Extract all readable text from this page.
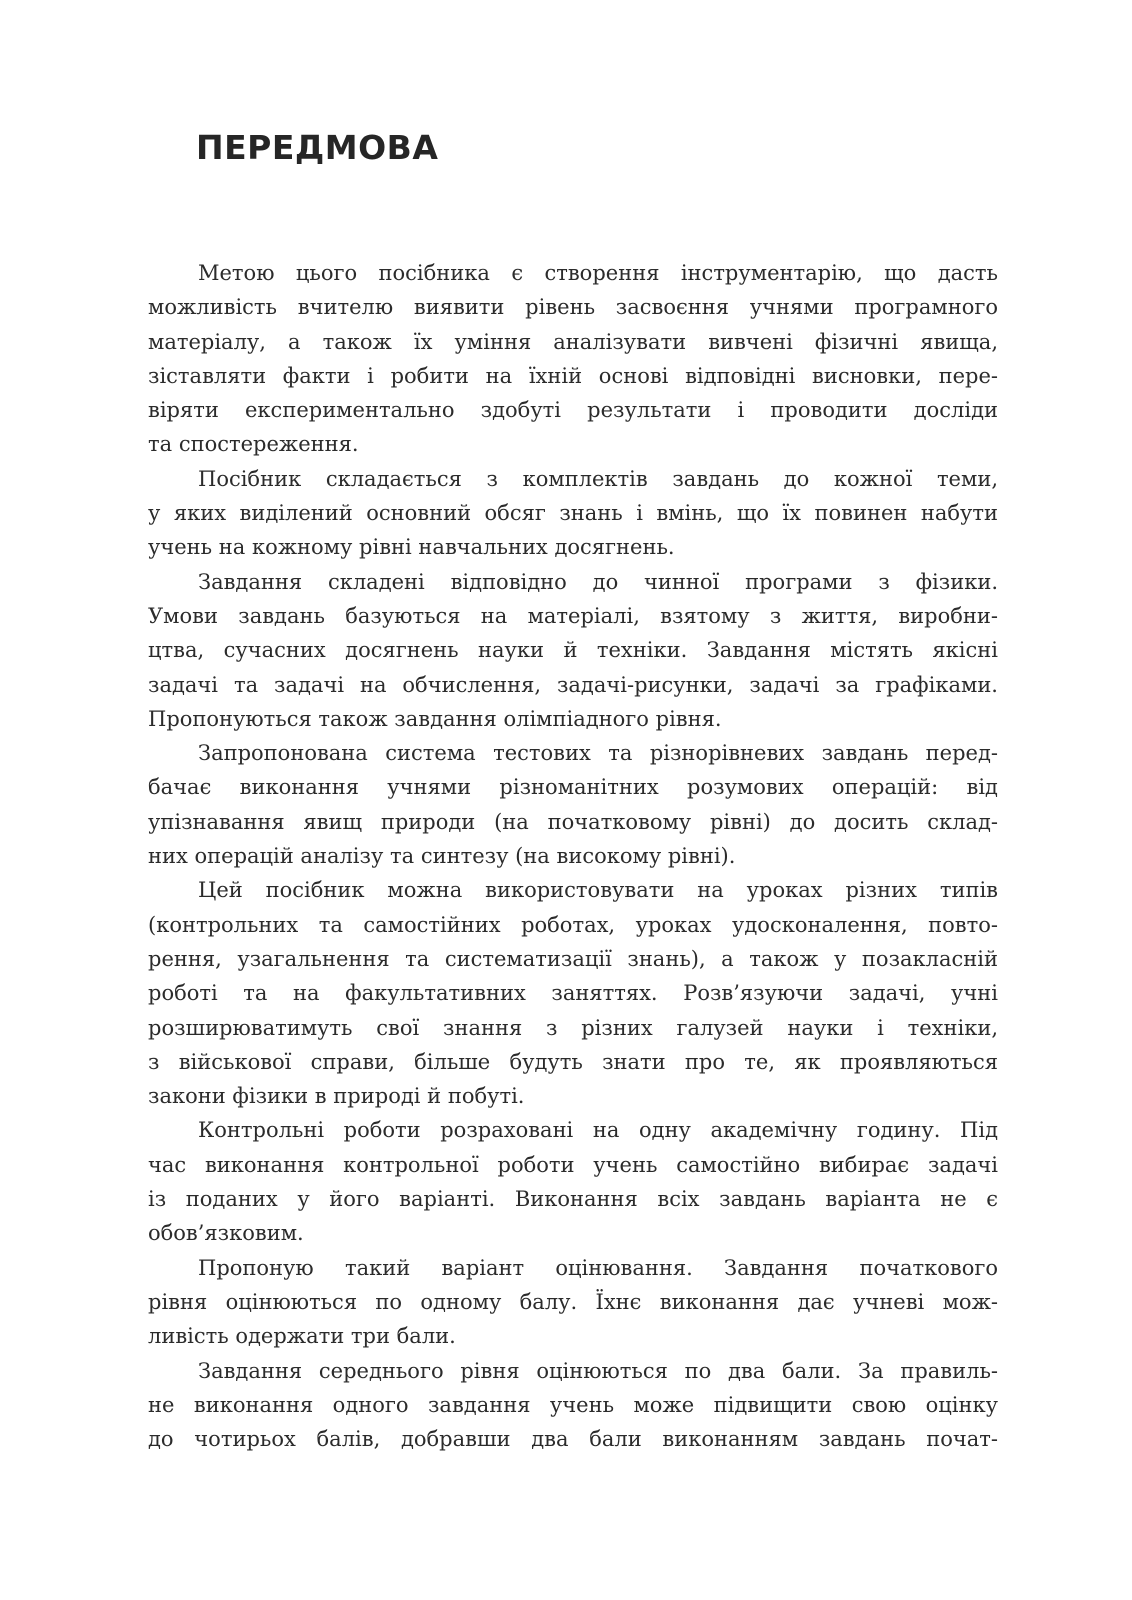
ПЕРЕДМОВА

Метою цього посібника є створення інструментарію, що дасть
можливість вчителю виявити рівень засвоєння учнями програмного
матеріалу, а також їх уміння аналізувати вивчені фізичні явища,
зіставляти факти і робити на їхній основі відповідні висновки, пере-
віряти експериментально здобуті результати і проводити досліди
та спостереження.

Посібник складається з комплектів завдань до кожної теми,
у яких виділений основний обсяг знань і вмінь, що їх повинен набути
учень на кожному рівні навчальних досягнень.

Завдання складені відповідно до чинної програми з фізики.
Умови завдань базуються на матеріалі, взятому з життя, виробни-
цтва, сучасних досягнень науки й техніки. Завдання містять якісні
задачі та задачі на обчислення, задачі-рисунки, задачі за графіками.
Пропонуються також завдання олімпіадного рівня.

Запропонована система тестових та різнорівневих завдань перед-
бачає виконання учнями різноманітних розумових операцій: від
упізнавання явищ природи (на початковому рівні) до досить склад-
них операцій аналізу та синтезу (на високому рівні).

Цей посібник можна використовувати на уроках різних типів
(контрольних та самостійних роботах, уроках удосконалення, повто-
рення, узагальнення та систематизації знань), а також у позакласній
роботі та на факультативних заняттях. Розв’язуючи задачі, учні
розширюватимуть свої знання з різних галузей науки і техніки,
з військової справи, більше будуть знати про те, як проявляються
закони фізики в природі й побуті.

Контрольні роботи розраховані на одну академічну годину. Під
час виконання контрольної роботи учень самостійно вибирає задачі
із поданих у його варіанті. Виконання всіх завдань варіанта не є
обов’язковим.

Пропоную такий варіант оцінювання. Завдання початкового
рівня оцінюються по одному балу. Їхнє виконання дає учневі мож-
ливість одержати три бали.

Завдання середнього рівня оцінюються по два бали. За правиль-
не виконання одного завдання учень може підвищити свою оцінку
до чотирьох балів, добравши два бали виконанням завдань почат-
